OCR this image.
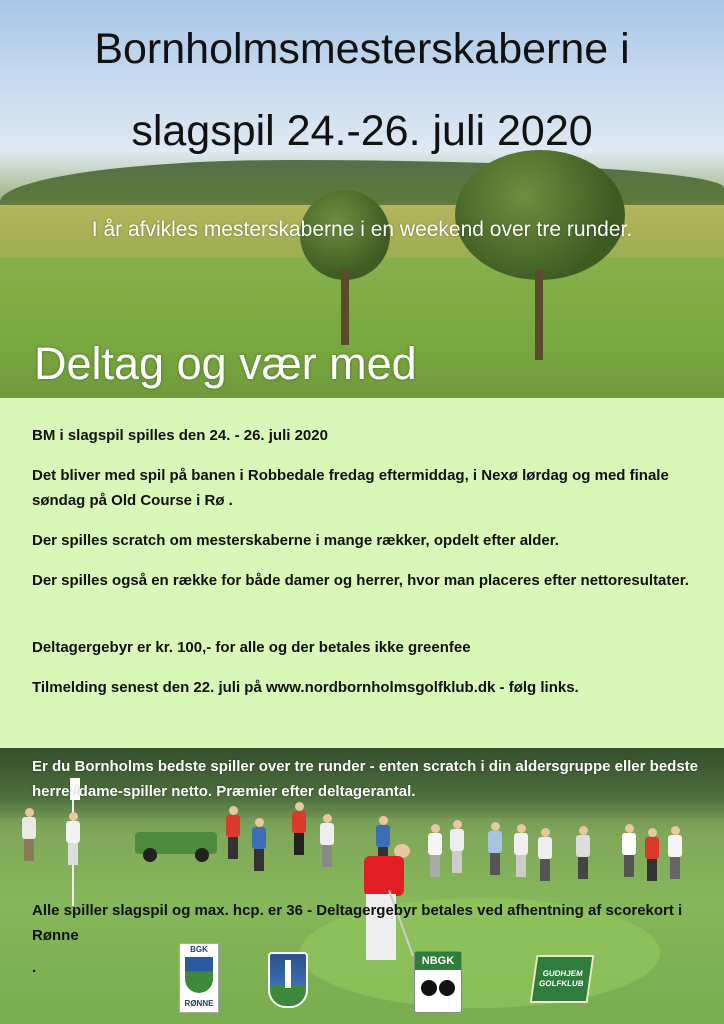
Bornholmsmesterskaberne i
slagspil 24.-26. juli 2020
I år afvikles mesterskaberne i en weekend over tre runder.
Deltag og vær med

BM i slagspil spilles den 24. - 26. juli 2020

Det bliver med spil på banen i Robbedale fredag eftermiddag, i Nexø lørdag og med finale søndag på Old Course i Rø .

Der spilles scratch om mesterskaberne i mange rækker, opdelt efter alder.

Der spilles også en række for både damer og herrer, hvor man placeres efter nettoresultater.

Deltagergebyr er kr. 100,- for alle og der betales ikke greenfee

Tilmelding senest den 22. juli på www.nordbornholmsgolfklub.dk - følg links.

Er du Bornholms bedste spiller over tre runder - enten scratch i din aldersgruppe eller bedste herre-/dame-spiller netto. Præmier efter deltagerantal.

Alle spiller slagspil og max. hcp. er 36 - Deltagergebyr betales ved afhentning af scorekort i Rønne

.

BGK
RØNNE
NBGK
GUDHJEM
GOLFKLUB
